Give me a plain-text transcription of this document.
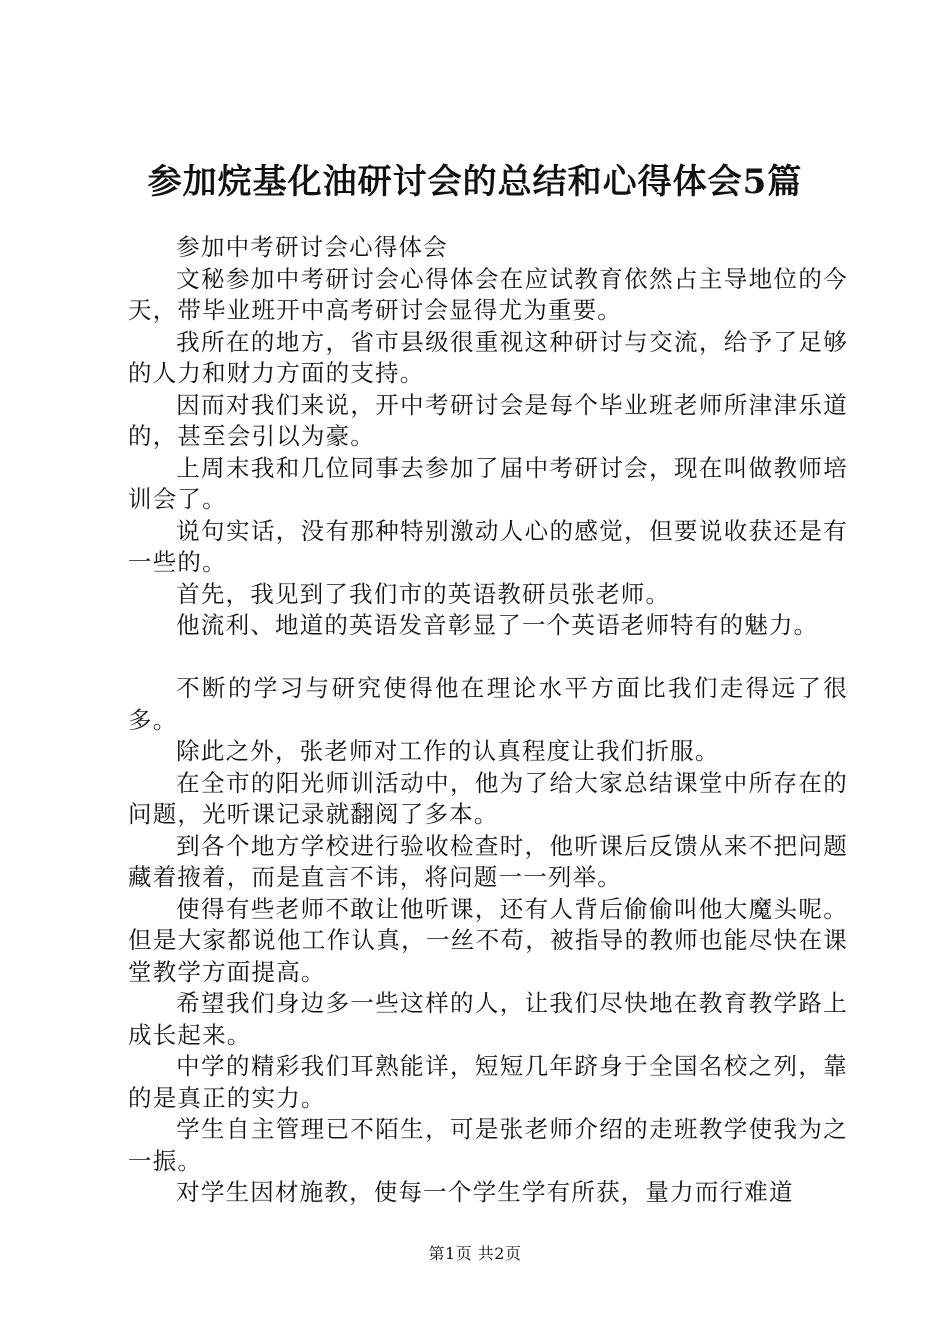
参加烷基化油研讨会的总结和心得体会5篇

参加中考研讨会心得体会

文秘参加中考研讨会心得体会在应试教育依然占主导地位的今天，带毕业班开中高考研讨会显得尤为重要。

我所在的地方，省市县级很重视这种研讨与交流，给予了足够的人力和财力方面的支持。

因而对我们来说，开中考研讨会是每个毕业班老师所津津乐道的，甚至会引以为豪。

上周末我和几位同事去参加了届中考研讨会，现在叫做教师培训会了。

说句实话，没有那种特别激动人心的感觉，但要说收获还是有一些的。

首先，我见到了我们市的英语教研员张老师。

他流利、地道的英语发音彰显了一个英语老师特有的魅力。

不断的学习与研究使得他在理论水平方面比我们走得远了很多。

除此之外，张老师对工作的认真程度让我们折服。

在全市的阳光师训活动中，他为了给大家总结课堂中所存在的问题，光听课记录就翻阅了多本。

到各个地方学校进行验收检查时，他听课后反馈从来不把问题藏着掖着，而是直言不讳，将问题一一列举。

使得有些老师不敢让他听课，还有人背后偷偷叫他大魔头呢。但是大家都说他工作认真，一丝不苟，被指导的教师也能尽快在课堂教学方面提高。

希望我们身边多一些这样的人，让我们尽快地在教育教学路上成长起来。

中学的精彩我们耳熟能详，短短几年跻身于全国名校之列，靠的是真正的实力。

学生自主管理已不陌生，可是张老师介绍的走班教学使我为之一振。

对学生因材施教，使每一个学生学有所获，量力而行难道

第1页 共2页
